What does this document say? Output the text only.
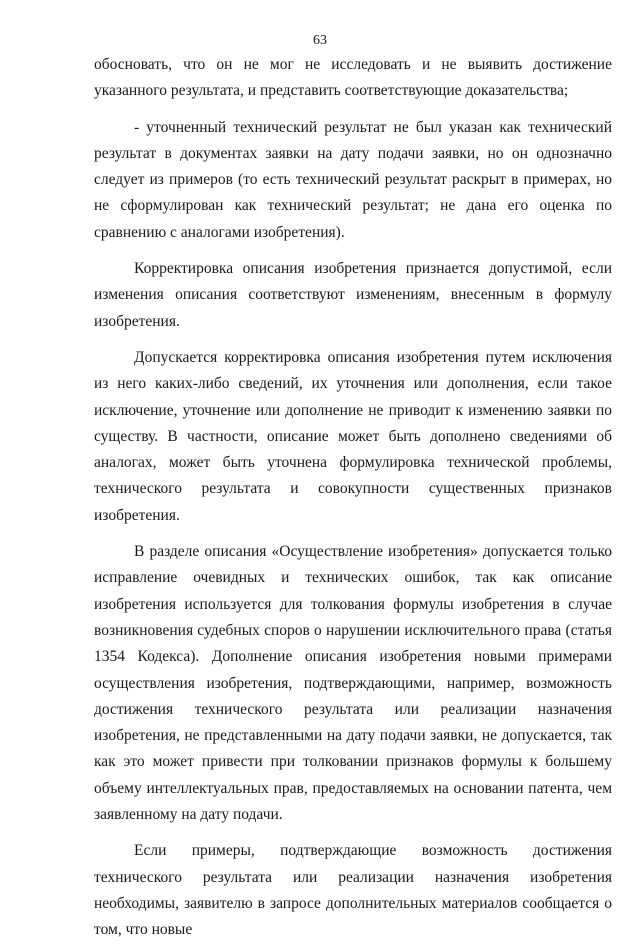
63

обосновать, что он не мог не исследовать и не выявить достижение указанного результата, и представить соответствующие доказательства;

- уточненный технический результат не был указан как технический результат в документах заявки на дату подачи заявки, но он однозначно следует из примеров (то есть технический результат раскрыт в примерах, но не сформулирован как технический результат; не дана его оценка по сравнению с аналогами изобретения).

Корректировка описания изобретения признается допустимой, если изменения описания соответствуют изменениям, внесенным в формулу изобретения.

Допускается корректировка описания изобретения путем исключения из него каких-либо сведений, их уточнения или дополнения, если такое исключение, уточнение или дополнение не приводит к изменению заявки по существу. В частности, описание может быть дополнено сведениями об аналогах, может быть уточнена формулировка технической проблемы, технического результата и совокупности существенных признаков изобретения.

В разделе описания «Осуществление изобретения» допускается только исправление очевидных и технических ошибок, так как описание изобретения используется для толкования формулы изобретения в случае возникновения судебных споров о нарушении исключительного права (статья 1354 Кодекса). Дополнение описания изобретения новыми примерами осуществления изобретения, подтверждающими, например, возможность достижения технического результата или реализации назначения изобретения, не представленными на дату подачи заявки, не допускается, так как это может привести при толковании признаков формулы к большему объему интеллектуальных прав, предоставляемых на основании патента, чем заявленному на дату подачи.

Если примеры, подтверждающие возможность достижения технического результата или реализации назначения изобретения необходимы, заявителю в запросе дополнительных материалов сообщается о том, что новые
